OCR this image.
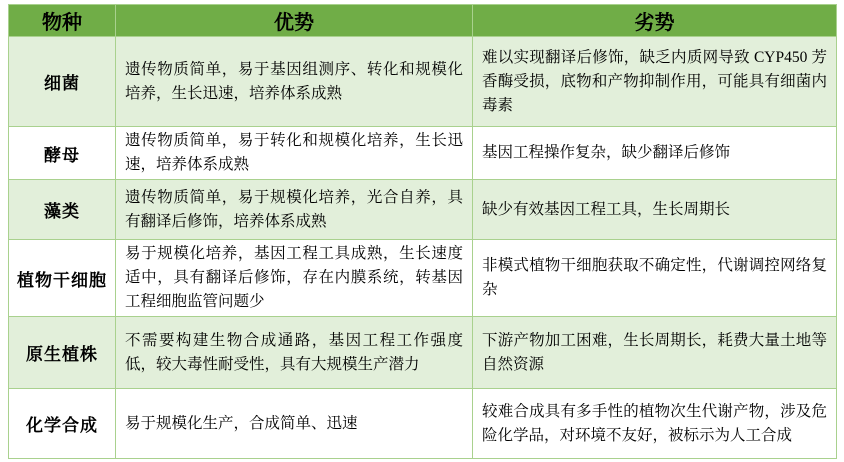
物种	优势	劣势
细菌	遗传物质简单，易于基因组测序、转化和规模化培养，生长迅速，培养体系成熟	难以实现翻译后修饰，缺乏内质网导致 CYP450 芳香酶受损，底物和产物抑制作用，可能具有细菌内毒素
酵母	遗传物质简单，易于转化和规模化培养，生长迅速，培养体系成熟	基因工程操作复杂，缺少翻译后修饰
藻类	遗传物质简单，易于规模化培养，光合自养，具有翻译后修饰，培养体系成熟	缺少有效基因工程工具，生长周期长
植物干细胞	易于规模化培养，基因工程工具成熟，生长速度适中，具有翻译后修饰，存在内膜系统，转基因工程细胞监管问题少	非模式植物干细胞获取不确定性，代谢调控网络复杂
原生植株	不需要构建生物合成通路，基因工程工作强度低，较大毒性耐受性，具有大规模生产潜力	下游产物加工困难，生长周期长，耗费大量土地等自然资源
化学合成	易于规模化生产，合成简单、迅速	较难合成具有多手性的植物次生代谢产物，涉及危险化学品，对环境不友好，被标示为人工合成
